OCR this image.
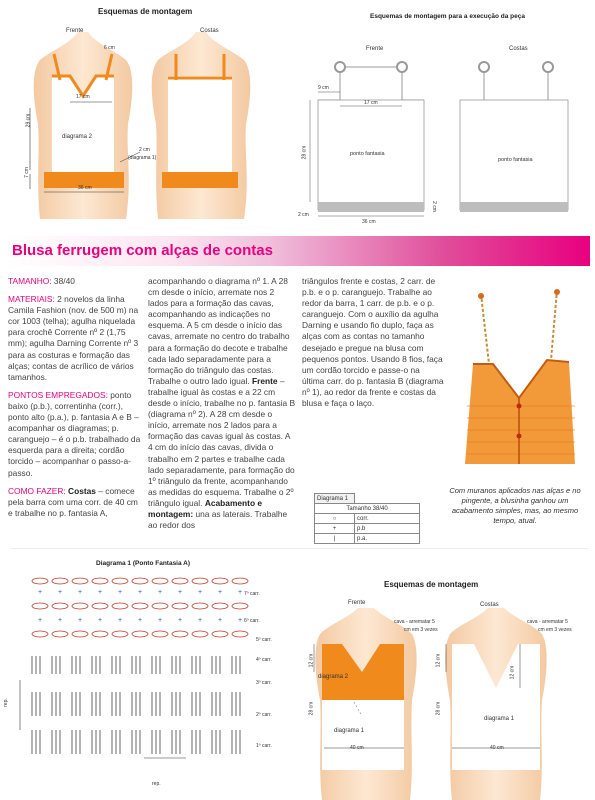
Esquemas de montagem
Frente	Costas
6 cm
17 cm
29 cm
diagrama 2
2 cm
(diagrama 1)
7 cm
36 cm
Esquemas de montagem para a execução da peça
Frente	Costas
9 cm
17 cm
28 cm	ponto fantasia
ponto fantasia
2 cm
2 cm
36 cm
Blusa ferrugem com alças de contas
TAMANHO: 38/40
MATERIAIS: 2 novelos da linha Camila Fashion (nov. de 500 m) na cor 1003 (telha); agulha niquelada para crochê Corrente nº 2 (1,75 mm); agulha Darning Corrente nº 3 para as costuras e formação das alças; contas de acrílico de vários tamanhos.
PONTOS EMPREGADOS: ponto baixo (p.b.), correntinha (corr.), ponto alto (p.a.), p. fantasia A e B – acompanhar os diagramas; p. caranguejo – é o p.b. trabalhado da esquerda para a direita; cordão torcido – acompanhar o passo-a-passo.
COMO FAZER: Costas – comece pela barra com uma corr. de 40 cm e trabalhe no p. fantasia A,
acompanhando o diagrama nº 1. A 28 cm desde o início, arremate nos 2 lados para a formação das cavas, acompanhando as indicações no esquema. A 5 cm desde o início das cavas, arremate no centro do trabalho para a formação do decote e trabalhe cada lado separadamente para a formação do triângulo das costas. Trabalhe o outro lado igual. Frente – trabalhe igual às costas e a 22 cm desde o início, trabalhe no p. fantasia B (diagrama nº 2). A 28 cm desde o início, arremate nos 2 lados para a formação das cavas igual às costas. A 4 cm do início das cavas, divida o trabalho em 2 partes e trabalhe cada lado separadamente, para formação do 1º triângulo da frente, acompanhando as medidas do esquema. Trabalhe o 2º triângulo igual. Acabamento e montagem: una as laterais. Trabalhe ao redor dos
triângulos frente e costas, 2 carr. de p.b. e o p. caranguejo. Trabalhe ao redor da barra, 1 carr. de p.b. e o p. caranguejo. Com o auxílio da agulha Darning e usando fio duplo, faça as alças com as contas no tamanho desejado e pregue na blusa com pequenos pontos. Usando 8 fios, faça um cordão torcido e passe-o na última carr. do p. fantasia B (diagrama nº 1), ao redor da frente e costas da blusa e faça o laço.
Com muranos aplicados nas alças e no pingente, a blusinha ganhou um acabamento simples, mas, ao mesmo tempo, atual.
Diagrama 1	
Tamanho 38/40	
○	corr.
+	p.b
|	p.a.
Diagrama 1 (Ponto Fantasia A)
+
+
+
+
+
+
+
+
+
+
+
+
+
+
+
+
+
+
+
+
+
+ 7º carr.
6º carr.
5º carr.
4º carr.
3º carr.
2º carr.
1º carr.
rep.
rep.
Esquemas de montagem
Frente	Costas
cava - arrematar 5
cm em 3 vezes
cava - arrematar 5
cm em 3 vezes
12 cm
diagrama 2
28 cm
diagrama 1
40 cm
12 cm
12 cm
28 cm
diagrama 1
40 cm
